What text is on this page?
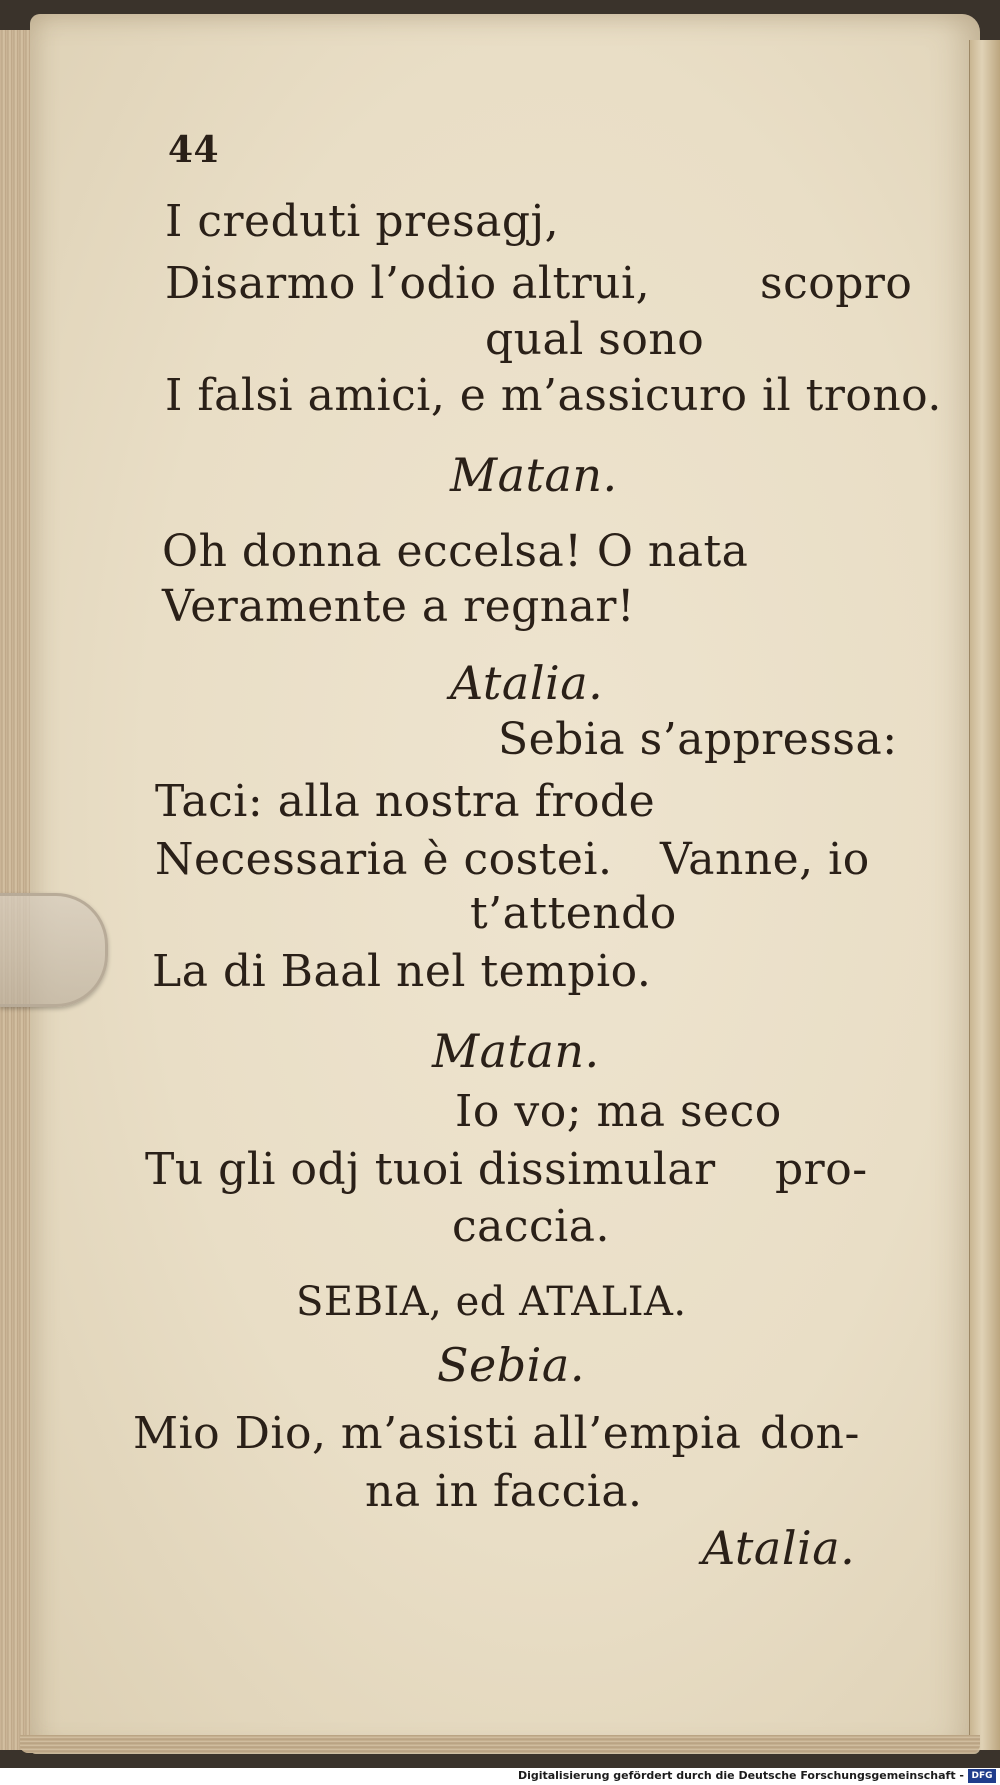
44
I creduti presagj,
Disarmo l’odio altrui, scopro
qual sono
I falsi amici, e m’assicuro il trono.
Matan.
Oh donna eccelsa! O nata
Veramente a regnar!
Atalia.
Sebia s’appressa:
Taci: alla nostra frode
Necessaria è costei. Vanne, io
t’attendo
La di Baal nel tempio.
Matan.
Io vo; ma seco
Tu gli odj tuoi dissimular pro-
caccia.
SEBIA, ed ATALIA.
Sebia.
Mio Dio, m’asisti all’empia don-
na in faccia.
Atalia.
Digitalisierung gefördert durch die Deutsche Forschungsgemeinschaft - DFG
